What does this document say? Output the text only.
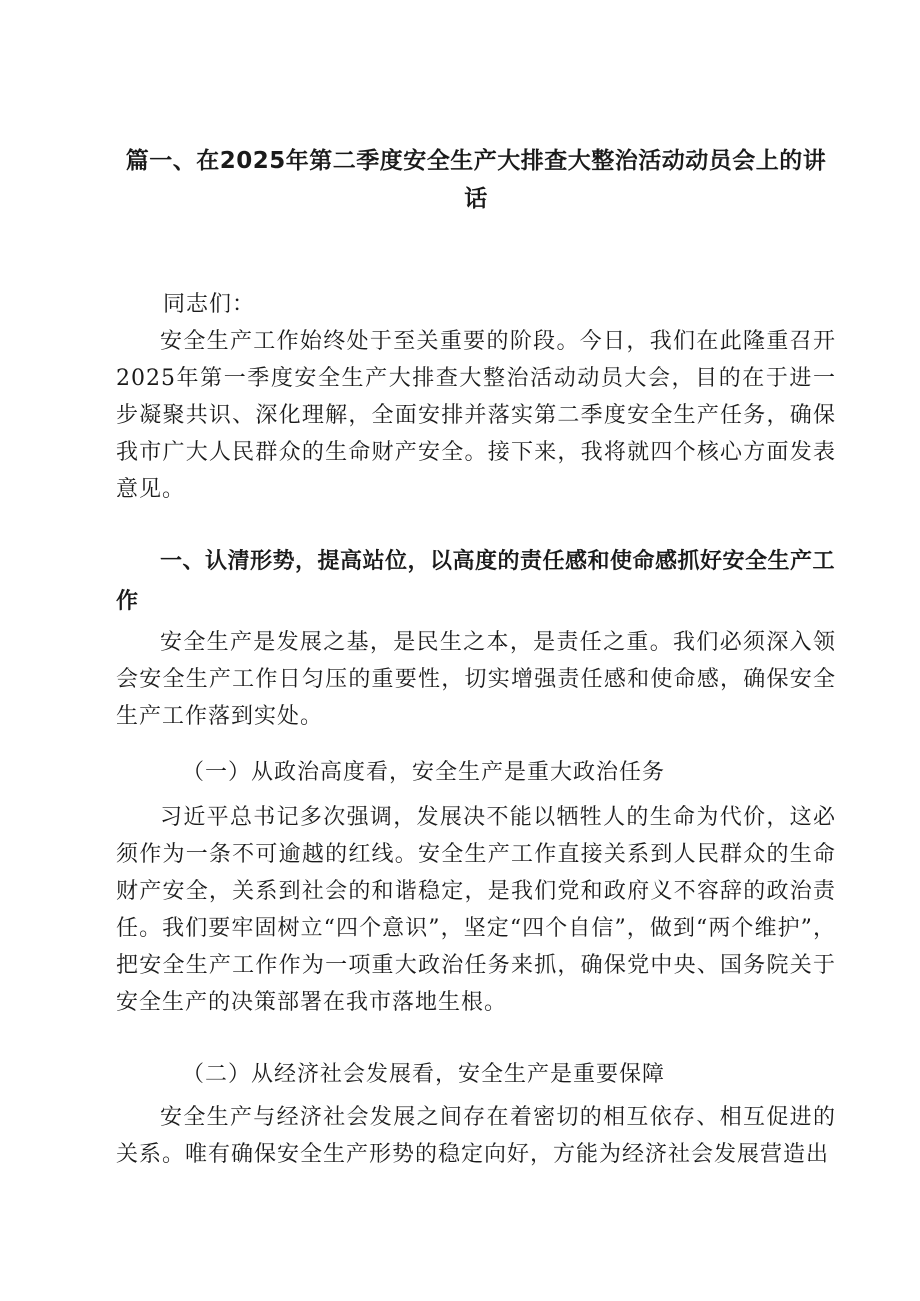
篇一、在2025年第二季度安全生产大排查大整治活动动员会上的讲话

同志们：

安全生产工作始终处于至关重要的阶段。今日，我们在此隆重召开2025年第一季度安全生产大排查大整治活动动员大会，目的在于进一步凝聚共识、深化理解，全面安排并落实第二季度安全生产任务，确保我市广大人民群众的生命财产安全。接下来，我将就四个核心方面发表意见。

一、认清形势，提高站位，以高度的责任感和使命感抓好安全生产工作

安全生产是发展之基，是民生之本，是责任之重。我们必须深入领会安全生产工作日匀压的重要性，切实增强责任感和使命感，确保安全生产工作落到实处。

（一）从政治高度看，安全生产是重大政治任务

习近平总书记多次强调，发展决不能以牺牲人的生命为代价，这必须作为一条不可逾越的红线。安全生产工作直接关系到人民群众的生命财产安全，关系到社会的和谐稳定，是我们党和政府义不容辞的政治责任。我们要牢固树立“四个意识”，坚定“四个自信”，做到“两个维护”，把安全生产工作作为一项重大政治任务来抓，确保党中央、国务院关于安全生产的决策部署在我市落地生根。

（二）从经济社会发展看，安全生产是重要保障

安全生产与经济社会发展之间存在着密切的相互依存、相互促进的关系。唯有确保安全生产形势的稳定向好，方能为经济社会发展营造出
